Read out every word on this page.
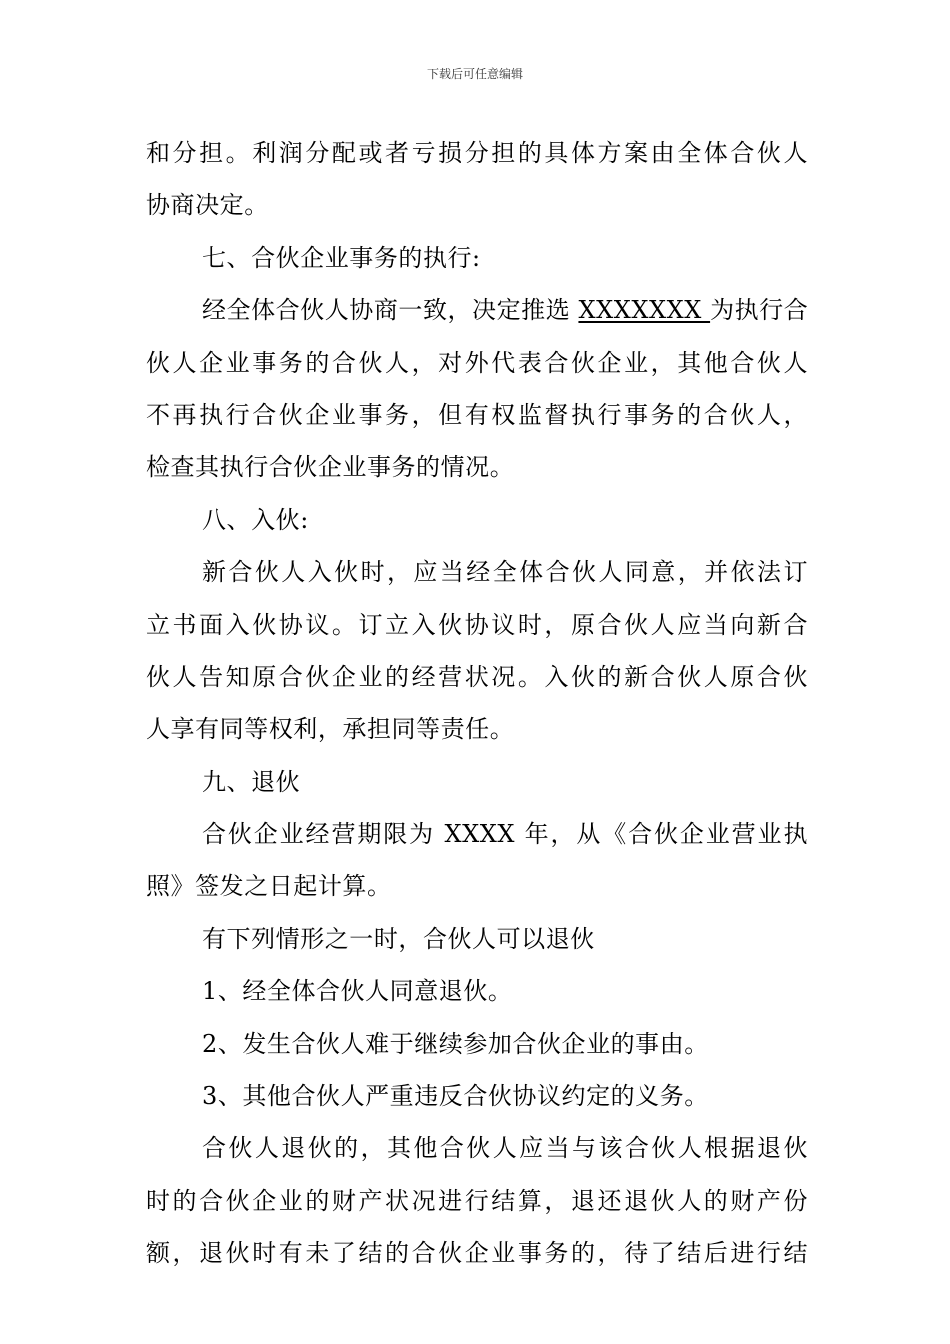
下载后可任意编辑
和分担。利润分配或者亏损分担的具体方案由全体合伙人
协商决定。
七、合伙企业事务的执行:
经全体合伙人协商一致，决定推选 XXXXXXX 为执行合
伙人企业事务的合伙人，对外代表合伙企业，其他合伙人
不再执行合伙企业事务，但有权监督执行事务的合伙人，
检查其执行合伙企业事务的情况。
八、入伙:
新合伙人入伙时，应当经全体合伙人同意，并依法订
立书面入伙协议。订立入伙协议时，原合伙人应当向新合
伙人告知原合伙企业的经营状况。入伙的新合伙人原合伙
人享有同等权利，承担同等责任。
九、退伙
合伙企业经营期限为 XXXX 年，从《合伙企业营业执
照》签发之日起计算。
有下列情形之一时，合伙人可以退伙
1、经全体合伙人同意退伙。
2、发生合伙人难于继续参加合伙企业的事由。
3、其他合伙人严重违反合伙协议约定的义务。
合伙人退伙的，其他合伙人应当与该合伙人根据退伙
时的合伙企业的财产状况进行结算，退还退伙人的财产份
额，退伙时有未了结的合伙企业事务的，待了结后进行结
